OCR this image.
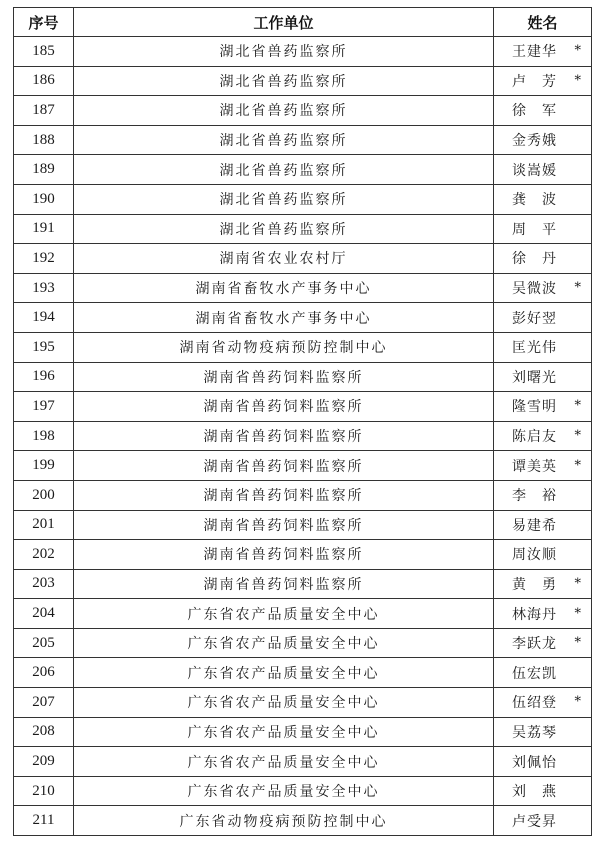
序号	工作单位	姓名
185	湖北省兽药监察所	王建华 *

186	湖北省兽药监察所	卢　芳 *

187	湖北省兽药监察所	徐　军
188	湖北省兽药监察所	金秀娥
189	湖北省兽药监察所	谈嵩媛
190	湖北省兽药监察所	龚　波
191	湖北省兽药监察所	周　平
192	湖南省农业农村厅	徐　丹
193	湖南省畜牧水产事务中心	吴微波 *

194	湖南省畜牧水产事务中心	彭好翌
195	湖南省动物疫病预防控制中心	匡光伟
196	湖南省兽药饲料监察所	刘曙光
197	湖南省兽药饲料监察所	隆雪明 *

198	湖南省兽药饲料监察所	陈启友 *

199	湖南省兽药饲料监察所	谭美英 *

200	湖南省兽药饲料监察所	李　裕
201	湖南省兽药饲料监察所	易建希
202	湖南省兽药饲料监察所	周汝顺
203	湖南省兽药饲料监察所	黄　勇 *

204	广东省农产品质量安全中心	林海丹 *

205	广东省农产品质量安全中心	李跃龙 *

206	广东省农产品质量安全中心	伍宏凯
207	广东省农产品质量安全中心	伍绍登 *

208	广东省农产品质量安全中心	吴荔琴
209	广东省农产品质量安全中心	刘佩怡
210	广东省农产品质量安全中心	刘　燕
211	广东省动物疫病预防控制中心	卢受昇
